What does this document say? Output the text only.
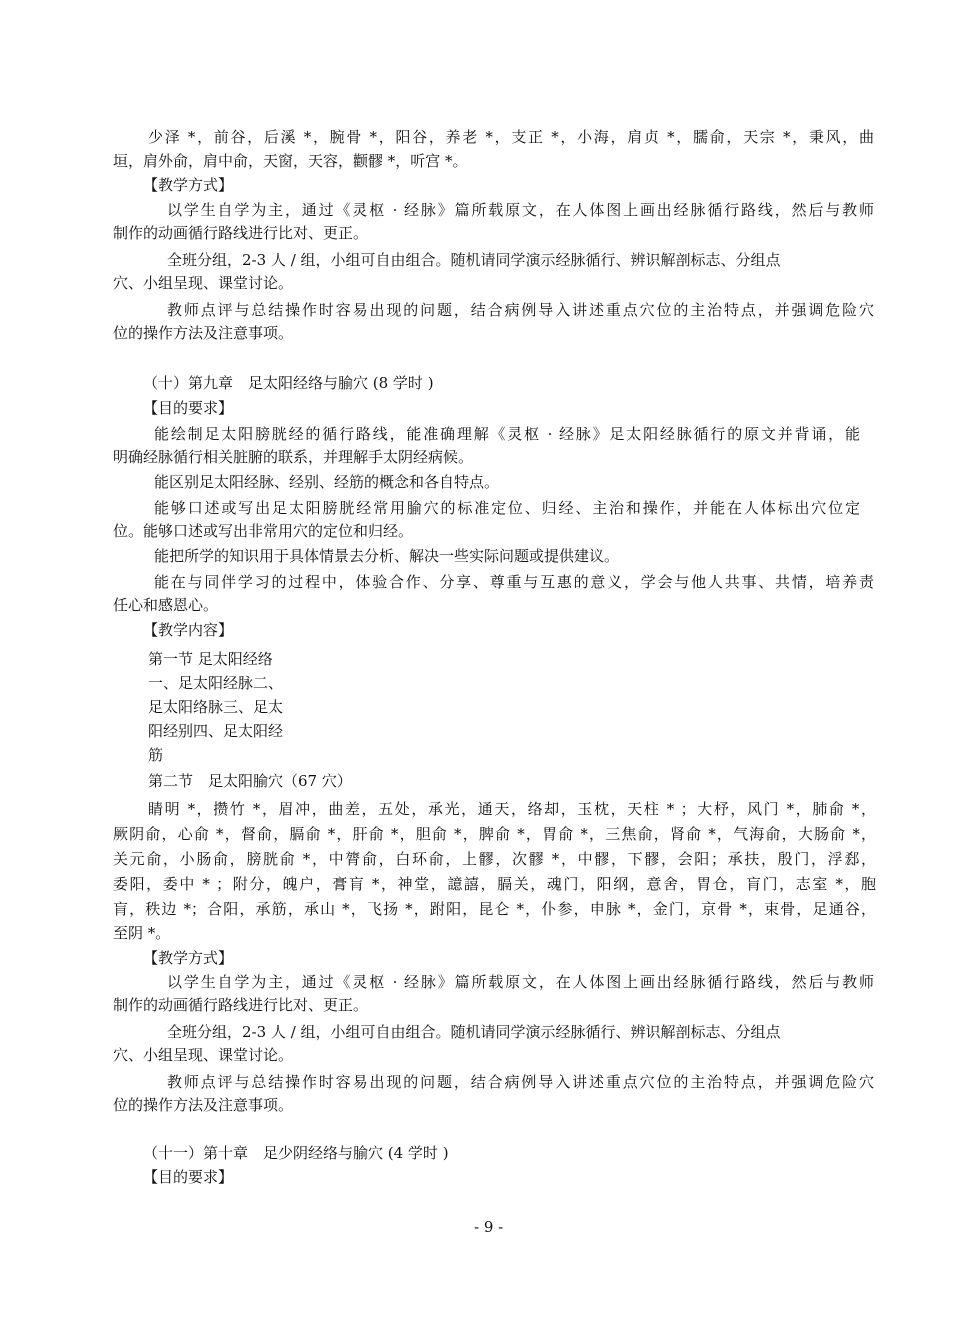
少泽 *，前谷，后溪 *，腕骨 *，阳谷，养老 *，支正 *，小海，肩贞 *，臑俞，天宗 *，秉风，曲
垣，肩外俞，肩中俞，天窗，天容，颧髎 *，听宫 *。
【教学方式】
以学生自学为主，通过《灵枢 · 经脉》篇所载原文，在人体图上画出经脉循行路线，然后与教师
制作的动画循行路线进行比对、更正。
全班分组，2-3 人 / 组，小组可自由组合。随机请同学演示经脉循行、辨识解剖标志、分组点
穴、小组呈现、课堂讨论。
教师点评与总结操作时容易出现的问题，结合病例导入讲述重点穴位的主治特点，并强调危险穴
位的操作方法及注意事项。
（十）第九章　足太阳经络与腧穴 (8 学时 )
【目的要求】
能绘制足太阳膀胱经的循行路线，能准确理解《灵枢 · 经脉》足太阳经脉循行的原文并背诵，能
明确经脉循行相关脏腑的联系，并理解手太阴经病候。
能区别足太阳经脉、经别、经筋的概念和各自特点。
能够口述或写出足太阳膀胱经常用腧穴的标准定位、归经、主治和操作，并能在人体标出穴位定
位。能够口述或写出非常用穴的定位和归经。
能把所学的知识用于具体情景去分析、解决一些实际问题或提供建议。
能在与同伴学习的过程中，体验合作、分享、尊重与互惠的意义，学会与他人共事、共情，培养责
任心和感恩心。
【教学内容】
第一节 足太阳经络
一、足太阳经脉二、
足太阳络脉三、足太
阳经别四、足太阳经
筋
第二节　足太阳腧穴（67 穴）
睛明 *，攒竹 *，眉冲，曲差，五处，承光，通天，络却，玉枕，天柱 * ；大杼，风门 *，肺俞 *，
厥阴俞，心俞 *，督俞，膈俞 *，肝俞 *，胆俞 *，脾俞 *，胃俞 *，三焦俞，肾俞 *，气海俞，大肠俞 *，
关元俞，小肠俞，膀胱俞 *，中膂俞，白环俞，上髎，次髎 *，中髎，下髎，会阳；承扶，殷门，浮郄，
委阳，委中 * ；附分，魄户，膏肓 *，神堂，譩譆，膈关，魂门，阳纲，意舍，胃仓，肓门，志室 *，胞
肓，秩边 *；合阳，承筋，承山 *，飞扬 *，跗阳，昆仑 *，仆参，申脉 *，金门，京骨 *，束骨，足通谷，
至阴 *。
【教学方式】
以学生自学为主，通过《灵枢 · 经脉》篇所载原文，在人体图上画出经脉循行路线，然后与教师
制作的动画循行路线进行比对、更正。
全班分组，2-3 人 / 组，小组可自由组合。随机请同学演示经脉循行、辨识解剖标志、分组点
穴、小组呈现、课堂讨论。
教师点评与总结操作时容易出现的问题，结合病例导入讲述重点穴位的主治特点，并强调危险穴
位的操作方法及注意事项。
（十一）第十章　足少阴经络与腧穴 (4 学时 )
【目的要求】
- 9 -
